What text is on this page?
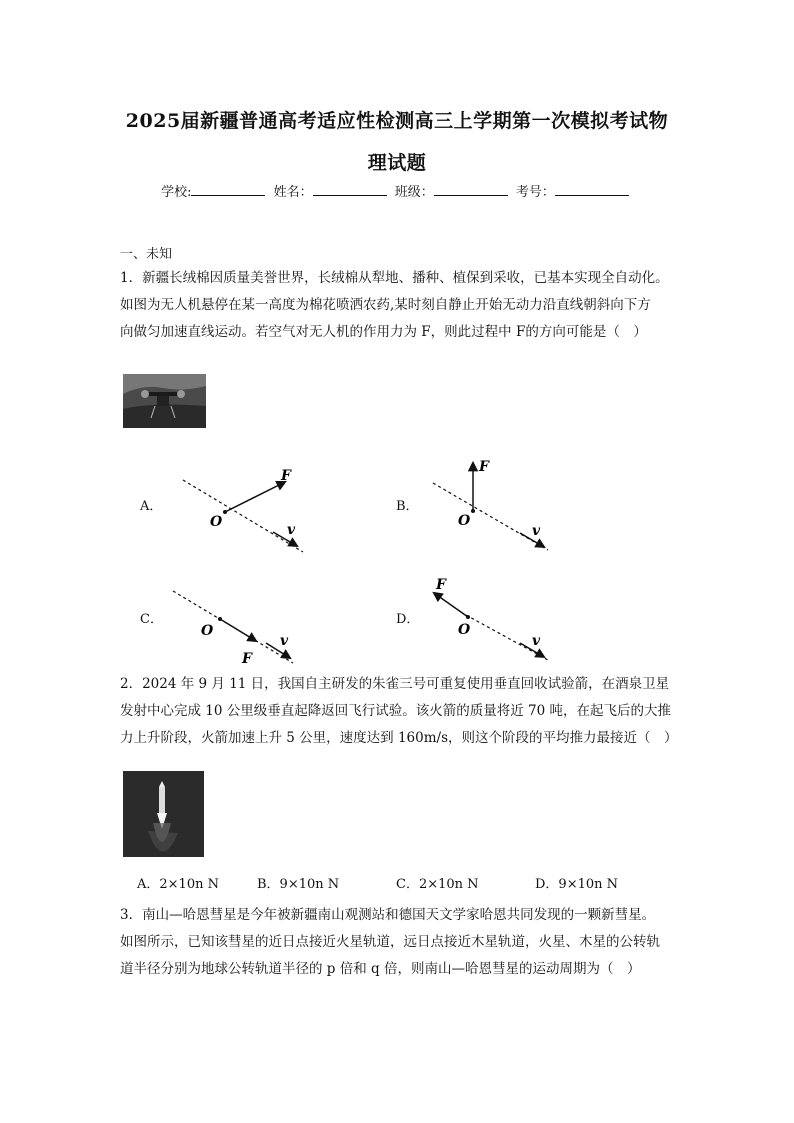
2025届新疆普通高考适应性检测高三上学期第一次模拟考试物
理试题
学校:	姓名：	班级：	考号：
一、未知
1．新疆长绒棉因质量美誉世界，长绒棉从犁地、播种、植保到采收，已基本实现全自动化。
如图为无人机悬停在某一高度为棉花喷洒农药,某时刻自静止开始无动力沿直线朝斜向下方
向做匀加速直线运动。若空气对无人机的作用力为 F，则此过程中 F的方向可能是（　）
A．
O
F
v
B．
O
F
v
C．
O
F
v
D．
O
F
v
2．2024 年 9 月 11 日，我国自主研发的朱雀三号可重复使用垂直回收试验箭，在酒泉卫星
发射中心完成 10 公里级垂直起降返回飞行试验。该火箭的质量将近 70 吨，在起飞后的大推
力上升阶段，火箭加速上升 5 公里，速度达到 160m/s，则这个阶段的平均推力最接近（　）
A．2×10n N	B．9×10n N	C．2×10n N	D．9×10n N
3．南山—哈恩彗星是今年被新疆南山观测站和德国天文学家哈恩共同发现的一颗新彗星。
如图所示，已知该彗星的近日点接近火星轨道，远日点接近木星轨道，火星、木星的公转轨
道半径分别为地球公转轨道半径的 p 倍和 q 倍，则南山—哈恩彗星的运动周期为（　）
